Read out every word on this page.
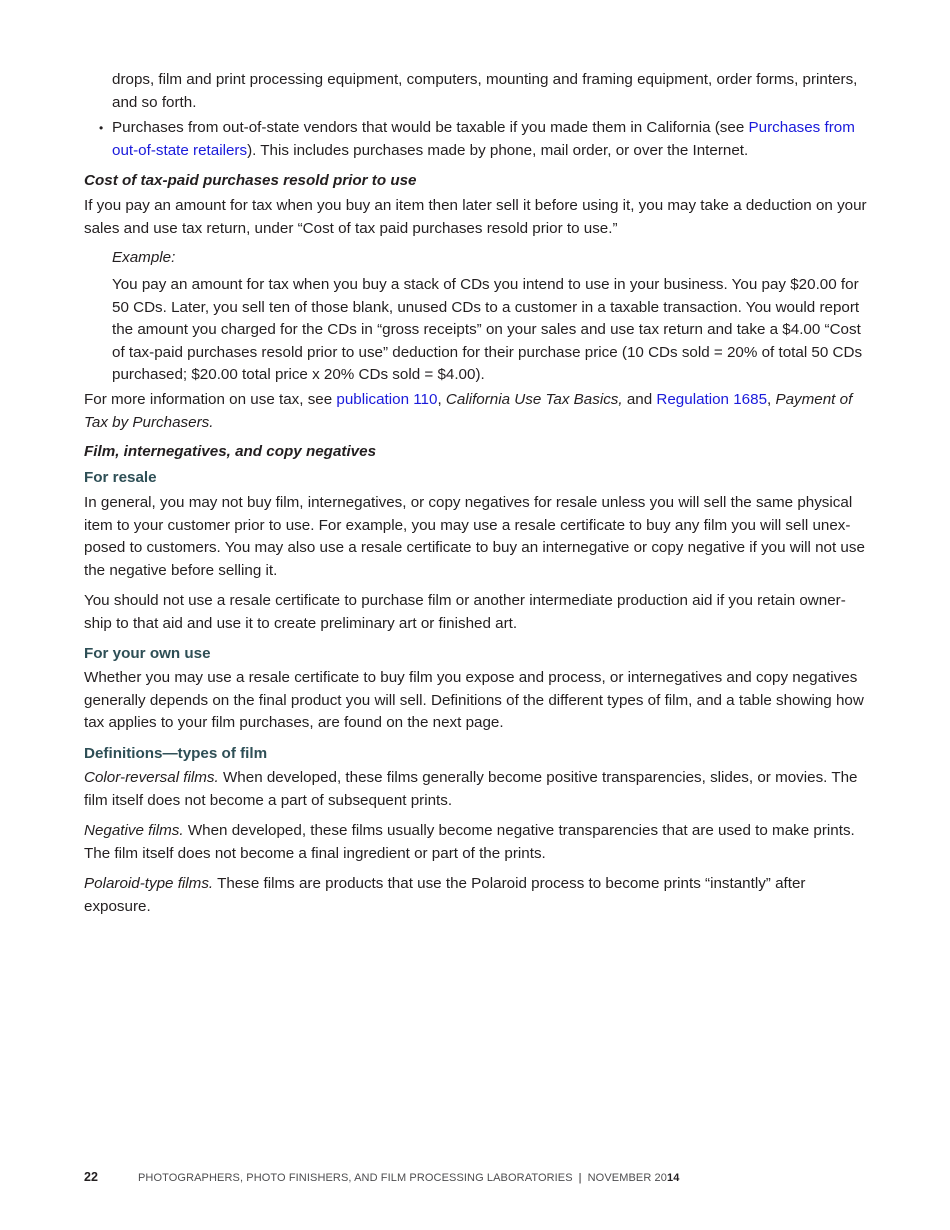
drops, film and print processing equipment, computers, mounting and framing equipment, order forms, printers, and so forth.

• Purchases from out-of-state vendors that would be taxable if you made them in California (see Purchases from out-of-state retailers). This includes purchases made by phone, mail order, or over the Internet.

Cost of tax-paid purchases resold prior to use

If you pay an amount for tax when you buy an item then later sell it before using it, you may take a deduction on your sales and use tax return, under “Cost of tax paid purchases resold prior to use.”

Example:

You pay an amount for tax when you buy a stack of CDs you intend to use in your business. You pay $20.00 for 50 CDs. Later, you sell ten of those blank, unused CDs to a customer in a taxable transaction. You would report the amount you charged for the CDs in “gross receipts” on your sales and use tax return and take a $4.00 “Cost of tax-paid purchases resold prior to use” deduction for their purchase price (10 CDs sold = 20% of total 50 CDs purchased; $20.00 total price x 20% CDs sold = $4.00).

For more information on use tax, see publication 110, California Use Tax Basics, and Regulation 1685, Payment of Tax by Purchasers.

Film, internegatives, and copy negatives
For resale

In general, you may not buy film, internegatives, or copy negatives for resale unless you will sell the same physical item to your customer prior to use. For example, you may use a resale certificate to buy any film you will sell unex-posed to customers. You may also use a resale certificate to buy an internegative or copy negative if you will not use the negative before selling it.

You should not use a resale certificate to purchase film or another intermediate production aid if you retain owner-ship to that aid and use it to create preliminary art or finished art.

For your own use

Whether you may use a resale certificate to buy film you expose and process, or internegatives and copy negatives generally depends on the final product you will sell. Definitions of the different types of film, and a table showing how tax applies to your film purchases, are found on the next page.

Definitions—types of film

Color-reversal films. When developed, these films generally become positive transparencies, slides, or movies. The film itself does not become a part of subsequent prints.

Negative films. When developed, these films usually become negative transparencies that are used to make prints. The film itself does not become a final ingredient or part of the prints.

Polaroid-type films. These films are products that use the Polaroid process to become prints “instantly” after exposure.

22	PHOTOGRAPHERS, PHOTO FINISHERS, AND FILM PROCESSING LABORATORIES | NOVEMBER 2014
